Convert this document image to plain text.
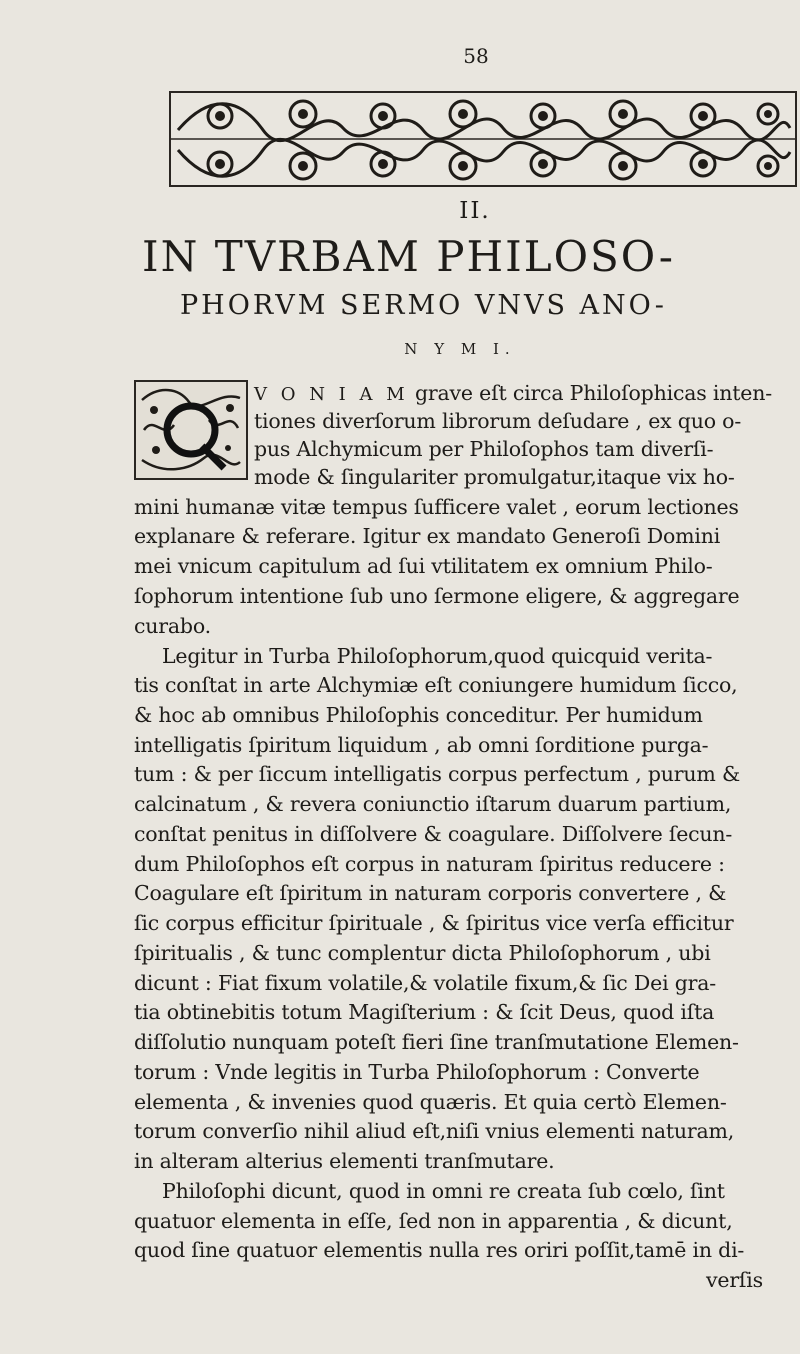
58
II.
IN TVRBAM PHILOSO-
PHORVM SERMO VNVS ANO-
N Y M I.
V O N I A M grave eſt circa Philoſophicas inten-
tiones diverſorum librorum deſudare , ex quo o-
pus Alchymicum per Philoſophos tam diverſi-
mode & ſingulariter promulgatur,itaque vix ho-
mini humanæ vitæ tempus ſufficere valet , eorum lectiones
explanare & referare. Igitur ex mandato Generoſi Domini
mei vnicum capitulum ad ſui vtilitatem ex omnium Philo-
ſophorum intentione ſub uno ſermone eligere, & aggregare
curabo.
Legitur in Turba Philoſophorum,quod quicquid verita-
tis conſtat in arte Alchymiæ eſt coniungere humidum ſicco,
& hoc ab omnibus Philoſophis conceditur. Per humidum
intelligatis ſpiritum liquidum , ab omni ſorditione purga-
tum : & per ſiccum intelligatis corpus perfectum , purum &
calcinatum , & revera coniunctio iſtarum duarum partium,
conſtat penitus in diſſolvere & coagulare. Diſſolvere ſecun-
dum Philoſophos eſt corpus in naturam ſpiritus reducere :
Coagulare eſt ſpiritum in naturam corporis convertere , &
ſic corpus efficitur ſpirituale , & ſpiritus vice verſa efficitur
ſpiritualis , & tunc complentur dicta Philoſophorum , ubi
dicunt : Fiat fixum volatile,& volatile fixum,& ſic Dei gra-
tia obtinebitis totum Magiſterium : & ſcit Deus, quod iſta
diſſolutio nunquam poteſt fieri ſine tranſmutatione Elemen-
torum : Vnde legitis in Turba Philoſophorum : Converte
elementa , & invenies quod quæris. Et quia certò Elemen-
torum converſio nihil aliud eſt,niſi vnius elementi naturam,
in alteram alterius elementi tranſmutare.
Philoſophi dicunt, quod in omni re creata ſub cœlo, ſint
quatuor elementa in eſſe, ſed non in apparentia , & dicunt,
quod ſine quatuor elementis nulla res oriri poſſit,tamē in di-
verſis
